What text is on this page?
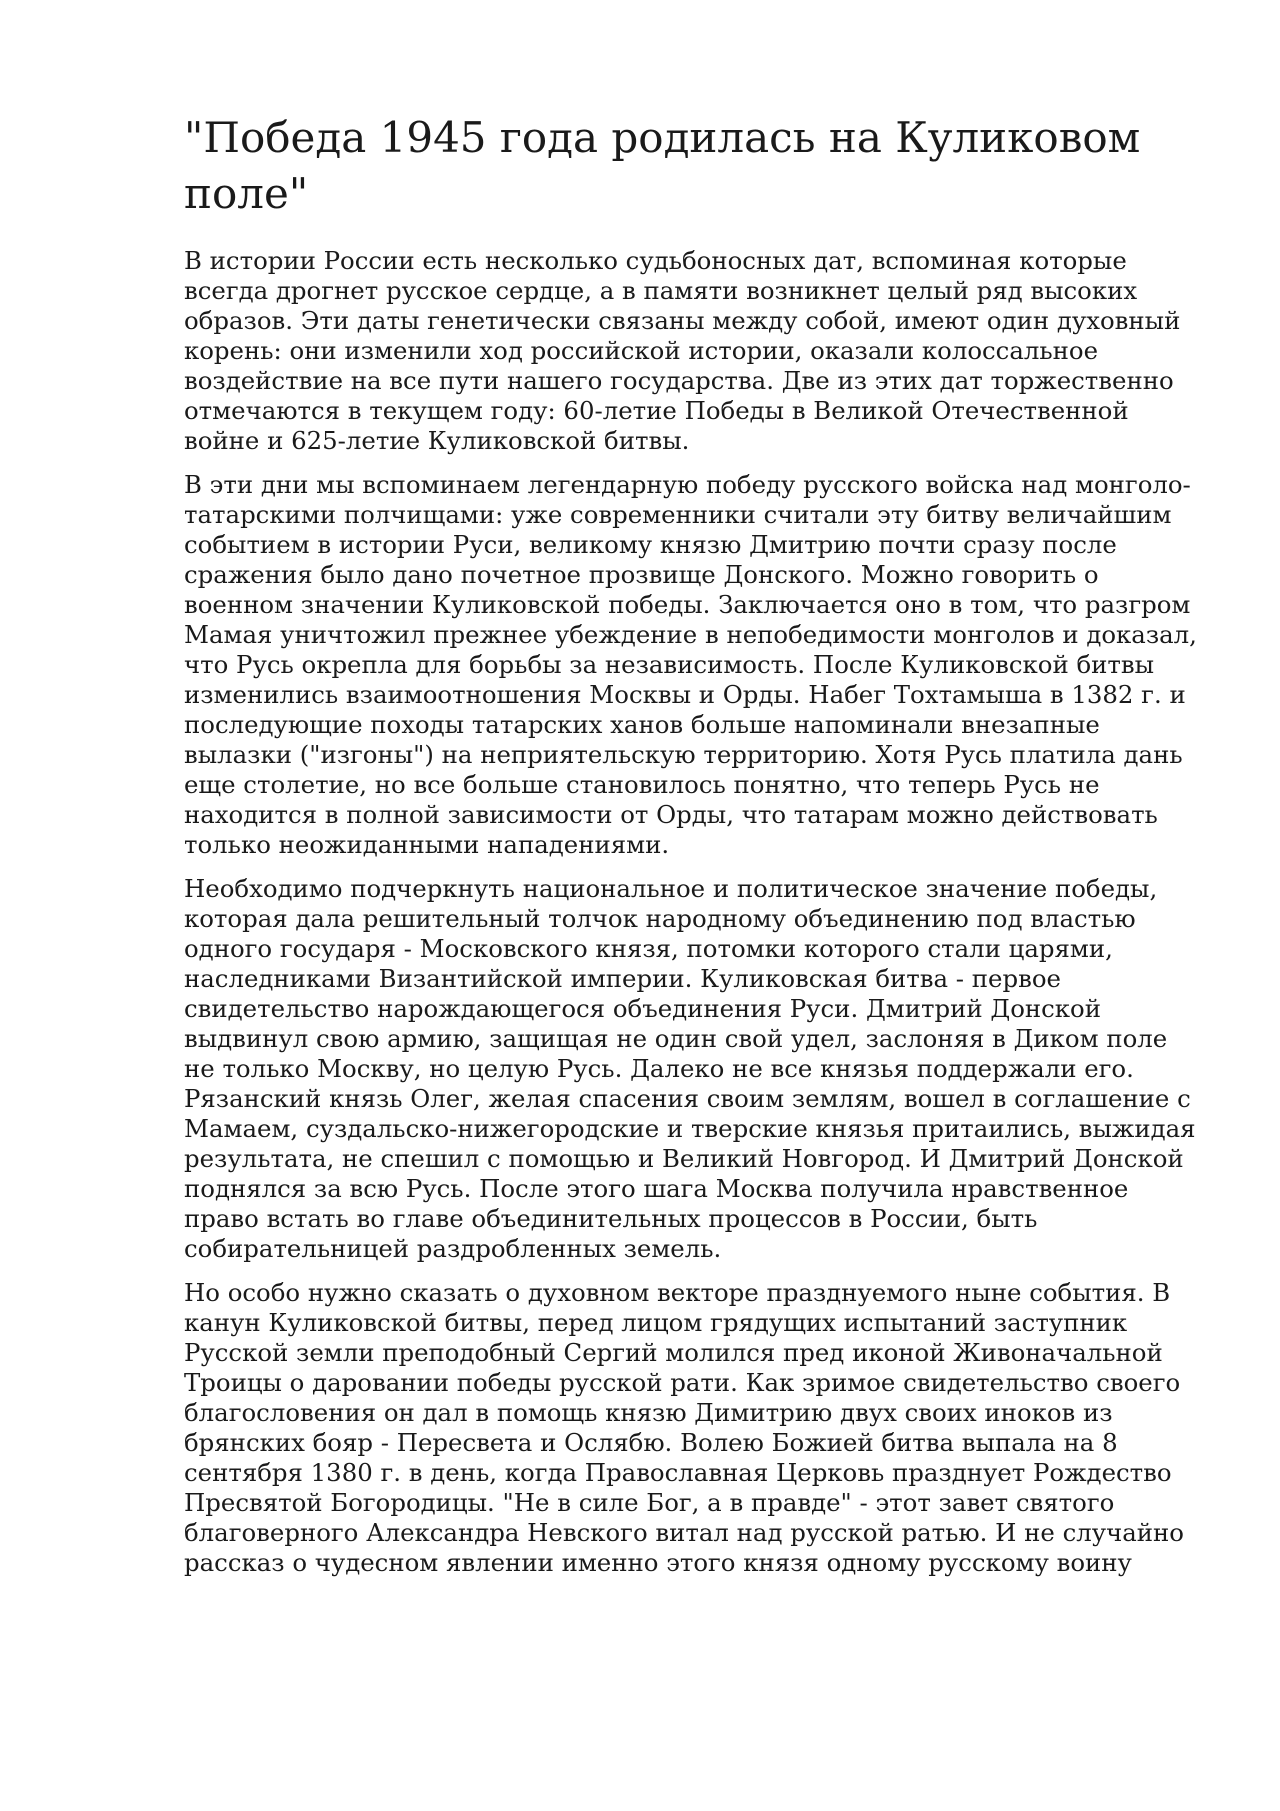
"Победа 1945 года родилась на Куликовом поле"

В истории России есть несколько судьбоносных дат, вспоминая которые всегда дрогнет русское сердце, а в памяти возникнет целый ряд высоких образов. Эти даты генетически связаны между собой, имеют один духовный корень: они изменили ход российской истории, оказали колоссальное воздействие на все пути нашего государства. Две из этих дат торжественно отмечаются в текущем году: 60-летие Победы в Великой Отечественной войне и 625-летие Куликовской битвы.

В эти дни мы вспоминаем легендарную победу русского войска над монголо-татарскими полчищами: уже современники считали эту битву величайшим событием в истории Руси, великому князю Дмитрию почти сразу после сражения было дано почетное прозвище Донского. Можно говорить о военном значении Куликовской победы. Заключается оно в том, что разгром Мамая уничтожил прежнее убеждение в непобедимости монголов и доказал, что Русь окрепла для борьбы за независимость. После Куликовской битвы изменились взаимоотношения Москвы и Орды. Набег Тохтамыша в 1382 г. и последующие походы татарских ханов больше напоминали внезапные вылазки ("изгоны") на неприятельскую территорию. Хотя Русь платила дань еще столетие, но все больше становилось понятно, что теперь Русь не находится в полной зависимости от Орды, что татарам можно действовать только неожиданными нападениями.

Необходимо подчеркнуть национальное и политическое значение победы, которая дала решительный толчок народному объединению под властью одного государя - Московского князя, потомки которого стали царями, наследниками Византийской империи. Куликовская битва - первое свидетельство нарождающегося объединения Руси. Дмитрий Донской выдвинул свою армию, защищая не один свой удел, заслоняя в Диком поле не только Москву, но целую Русь. Далеко не все князья поддержали его. Рязанский князь Олег, желая спасения своим землям, вошел в соглашение с Мамаем, суздальско-нижегородские и тверские князья притаились, выжидая результата, не спешил с помощью и Великий Новгород. И Дмитрий Донской поднялся за всю Русь. После этого шага Москва получила нравственное право встать во главе объединительных процессов в России, быть собирательницей раздробленных земель.

Но особо нужно сказать о духовном векторе празднуемого ныне события. В канун Куликовской битвы, перед лицом грядущих испытаний заступник Русской земли преподобный Сергий молился пред иконой Живоначальной Троицы о даровании победы русской рати. Как зримое свидетельство своего благословения он дал в помощь князю Димитрию двух своих иноков из брянских бояр - Пересвета и Ослябю. Волею Божией битва выпала на 8 сентября 1380 г. в день, когда Православная Церковь празднует Рождество Пресвятой Богородицы. "Не в силе Бог, а в правде" - этот завет святого благоверного Александра Невского витал над русской ратью. И не случайно рассказ о чудесном явлении именно этого князя одному русскому воину
